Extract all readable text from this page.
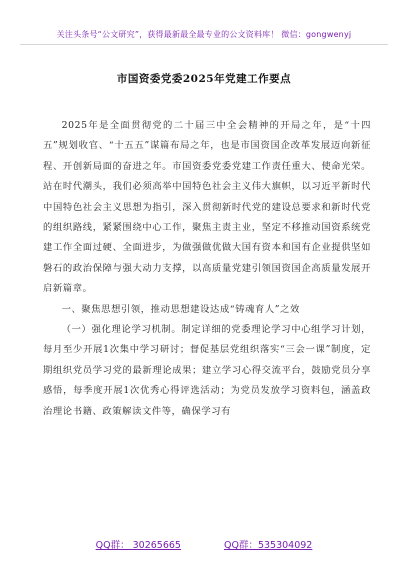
关注头条号“公文研究”，获得最新最全最专业的公文资料库！ 微信：gongwenyj
市国资委党委2025年党建工作要点

2025年是全面贯彻党的二十届三中全会精神的开局之年，是“十四五”规划收官、“十五五”谋篇布局之年，也是市国资国企改革发展迈向新征程、开创新局面的奋进之年。市国资委党委党建工作责任重大、使命光荣。站在时代潮头，我们必须高举中国特色社会主义伟大旗帜，以习近平新时代中国特色社会主义思想为指引，深入贯彻新时代党的建设总要求和新时代党的组织路线，紧紧围绕中心工作，聚焦主责主业，坚定不移推动国资系统党建工作全面过硬、全面进步，为做强做优做大国有资本和国有企业提供坚如磐石的政治保障与强大动力支撑，以高质量党建引领国资国企高质量发展开启新篇章。

一、聚焦思想引领，推动思想建设达成“铸魂育人”之效

（一）强化理论学习机制。制定详细的党委理论学习中心组学习计划，每月至少开展1次集中学习研讨；督促基层党组织落实“三会一课”制度，定期组织党员学习党的最新理论成果；建立学习心得交流平台，鼓励党员分享感悟，每季度开展1次优秀心得评选活动；为党员发放学习资料包，涵盖政治理论书籍、政策解读文件等，确保学习有

QQ群： 30265665	QQ群：535304092
